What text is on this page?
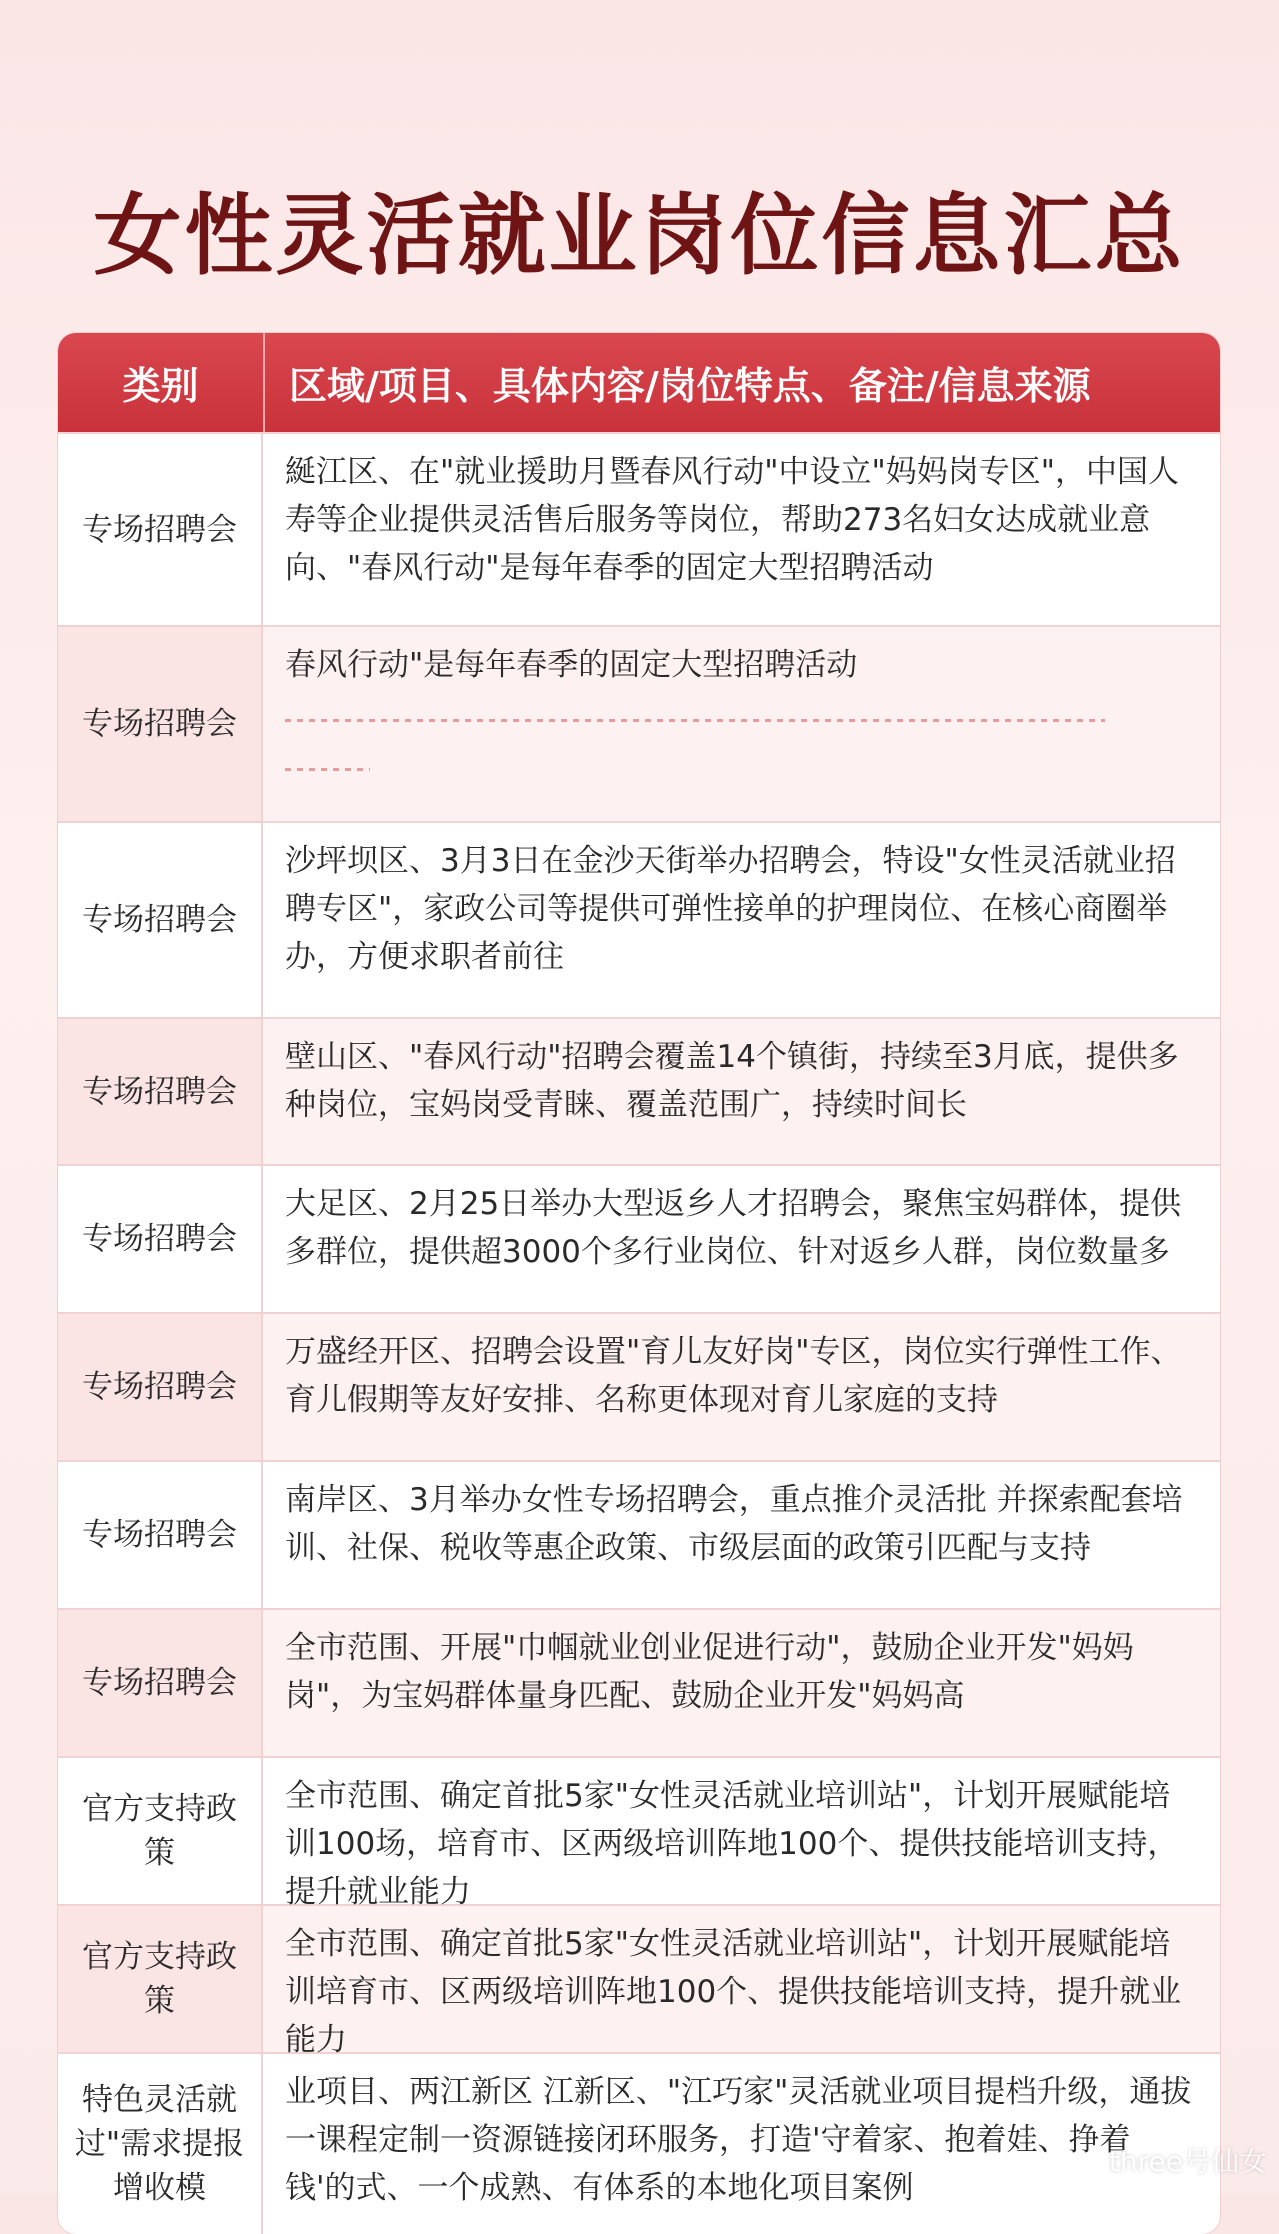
女性灵活就业岗位信息汇总
类别	区域/项目、具体内容/岗位特点、备注/信息来源
专场招聘会
綖江区、在"就业援助月暨春风行动"中设立"妈妈岗专区"，中国人寿等企业提供灵活售后服务等岗位，帮助273名妇女达成就业意向、"春风行动"是每年春季的固定大型招聘活动
专场招聘会
春风行动"是每年春季的固定大型招聘活动
专场招聘会
沙坪坝区、3月3日在金沙天街举办招聘会，特设"女性灵活就业招聘专区"，家政公司等提供可弹性接单的护理岗位、在核心商圈举办，方便求职者前往
专场招聘会
壁山区、"春风行动"招聘会覆盖14个镇街，持续至3月底，提供多种岗位，宝妈岗受青睐、覆盖范围广，持续时间长
专场招聘会
大足区、2月25日举办大型返乡人才招聘会，聚焦宝妈群体，提供多群位，提供超3000个多行业岗位、针对返乡人群，岗位数量多
专场招聘会
万盛经开区、招聘会设置"育儿友好岗"专区，岗位实行弹性工作、育儿假期等友好安排、名称更体现对育儿家庭的支持
专场招聘会
南岸区、3月举办女性专场招聘会，重点推介灵活批 并探索配套培训、社保、税收等惠企政策、市级层面的政策引匹配与支持
专场招聘会
全市范围、开展"巾帼就业创业促进行动"，鼓励企业开发"妈妈岗"，为宝妈群体量身匹配、鼓励企业开发"妈妈高
官方支持政策
全市范围、确定首批5家"女性灵活就业培训站"，计划开展赋能培训100场，培育市、区两级培训阵地100个、提供技能培训支持，提升就业能力
官方支持政策
全市范围、确定首批5家"女性灵活就业培训站"，计划开展赋能培训培育市、区两级培训阵地100个、提供技能培训支持，提升就业能力
特色灵活就过"需求提报增收模
业项目、两江新区 江新区、"江巧家"灵活就业项目提档升级，通拔一课程定制一资源链接闭环服务，打造'守着家、抱着娃、挣着钱'的式、一个成熟、有体系的本地化项目案例
three号仙女
